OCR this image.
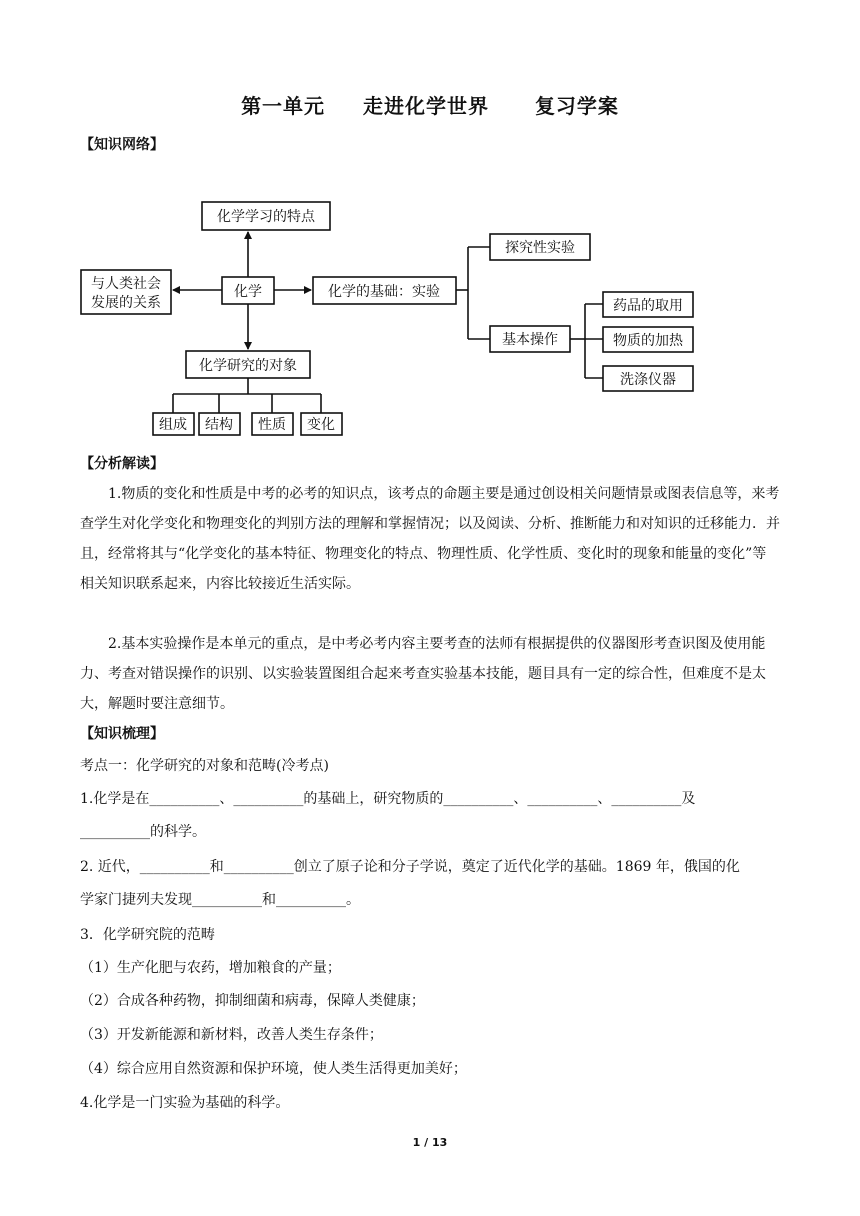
第一单元 走进化学世界 复习学案
【知识网络】
化学学习的特点
与人类社会
发展的关系
化学	化学的基础：实验
探究性实验
基本操作
药品的取用
物质的加热
洗涤仪器
化学研究的对象
组成 结构 性质 变化
【分析解读】
1.物质的变化和性质是中考的必考的知识点，该考点的命题主要是通过创设相关问题情景或图表信息等，来考查学生对化学变化和物理变化的判别方法的理解和掌握情况；以及阅读、分析、推断能力和对知识的迁移能力．并且，经常将其与“化学变化的基本特征、物理变化的特点、物理性质、化学性质、变化时的现象和能量的变化”等相关知识联系起来，内容比较接近生活实际。
2.基本实验操作是本单元的重点，是中考必考内容主要考查的法师有根据提供的仪器图形考查识图及使用能力、考查对错误操作的识别、以实验装置图组合起来考查实验基本技能，题目具有一定的综合性，但难度不是太大，解题时要注意细节。
【知识梳理】
考点一：化学研究的对象和范畴(冷考点)
1.化学是在__________、__________的基础上，研究物质的__________、__________、__________及
__________的科学。
2. 近代，__________和__________创立了原子论和分子学说，奠定了近代化学的基础。1869 年，俄国的化
学家门捷列夫发现__________和__________。
3．化学研究院的范畴
（1）生产化肥与农药，增加粮食的产量；
（2）合成各种药物，抑制细菌和病毒，保障人类健康；
（3）开发新能源和新材料，改善人类生存条件；
（4）综合应用自然资源和保护环境，使人类生活得更加美好；
4.化学是一门实验为基础的科学。
1 / 13
